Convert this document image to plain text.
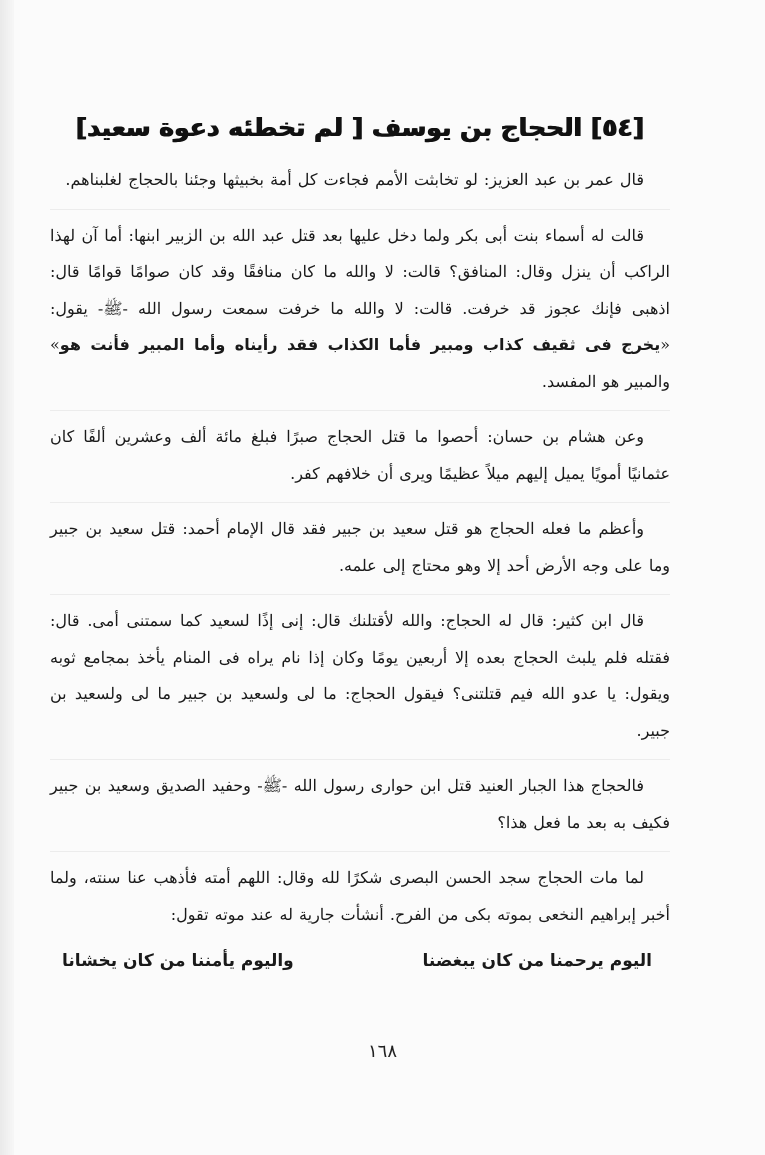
[٥٤] الحجاج بن يوسف [ لم تخطئه دعوة سعيد]

قال عمر بن عبد العزيز: لو تخابثت الأمم فجاءت كل أمة بخبيثها وجئنا بالحجاج لغلبناهم.

قالت له أسماء بنت أبى بكر ولما دخل عليها بعد قتل عبد الله بن الزبير ابنها: أما آن لهذا الراكب أن ينزل وقال: المنافق؟ قالت: لا والله ما كان منافقًا وقد كان صوامًا قوامًا قال: اذهبى فإنك عجوز قد خرفت. قالت: لا والله ما خرفت سمعت رسول الله -ﷺ- يقول: «يخرج فى ثقيف كذاب ومبير فأما الكذاب فقد رأيناه وأما المبير فأنت هو» والمبير هو المفسد.

وعن هشام بن حسان: أحصوا ما قتل الحجاج صبرًا فبلغ مائة ألف وعشرين ألفًا كان عثمانيًا أمويًا يميل إليهم ميلاً عظيمًا ويرى أن خلافهم كفر.

وأعظم ما فعله الحجاج هو قتل سعيد بن جبير فقد قال الإمام أحمد: قتل سعيد بن جبير وما على وجه الأرض أحد إلا وهو محتاج إلى علمه.

قال ابن كثير: قال له الحجاج: والله لأقتلنك قال: إنى إذًا لسعيد كما سمتنى أمى. قال: فقتله فلم يلبث الحجاج بعده إلا أربعين يومًا وكان إذا نام يراه فى المنام يأخذ بمجامع ثوبه ويقول: يا عدو الله فيم قتلتنى؟ فيقول الحجاج: ما لى ولسعيد بن جبير ما لى ولسعيد بن جبير.

فالحجاج هذا الجبار العنيد قتل ابن حوارى رسول الله -ﷺ- وحفيد الصديق وسعيد بن جبير فكيف به بعد ما فعل هذا؟

لما مات الحجاج سجد الحسن البصرى شكرًا لله وقال: اللهم أمته فأذهب عنا سنته، ولما أخبر إبراهيم النخعى بموته بكى من الفرح. أنشأت جارية له عند موته تقول:

اليوم يرحمنا من كان يبغضنا
واليوم يأمننا من كان يخشانا
١٦٨
